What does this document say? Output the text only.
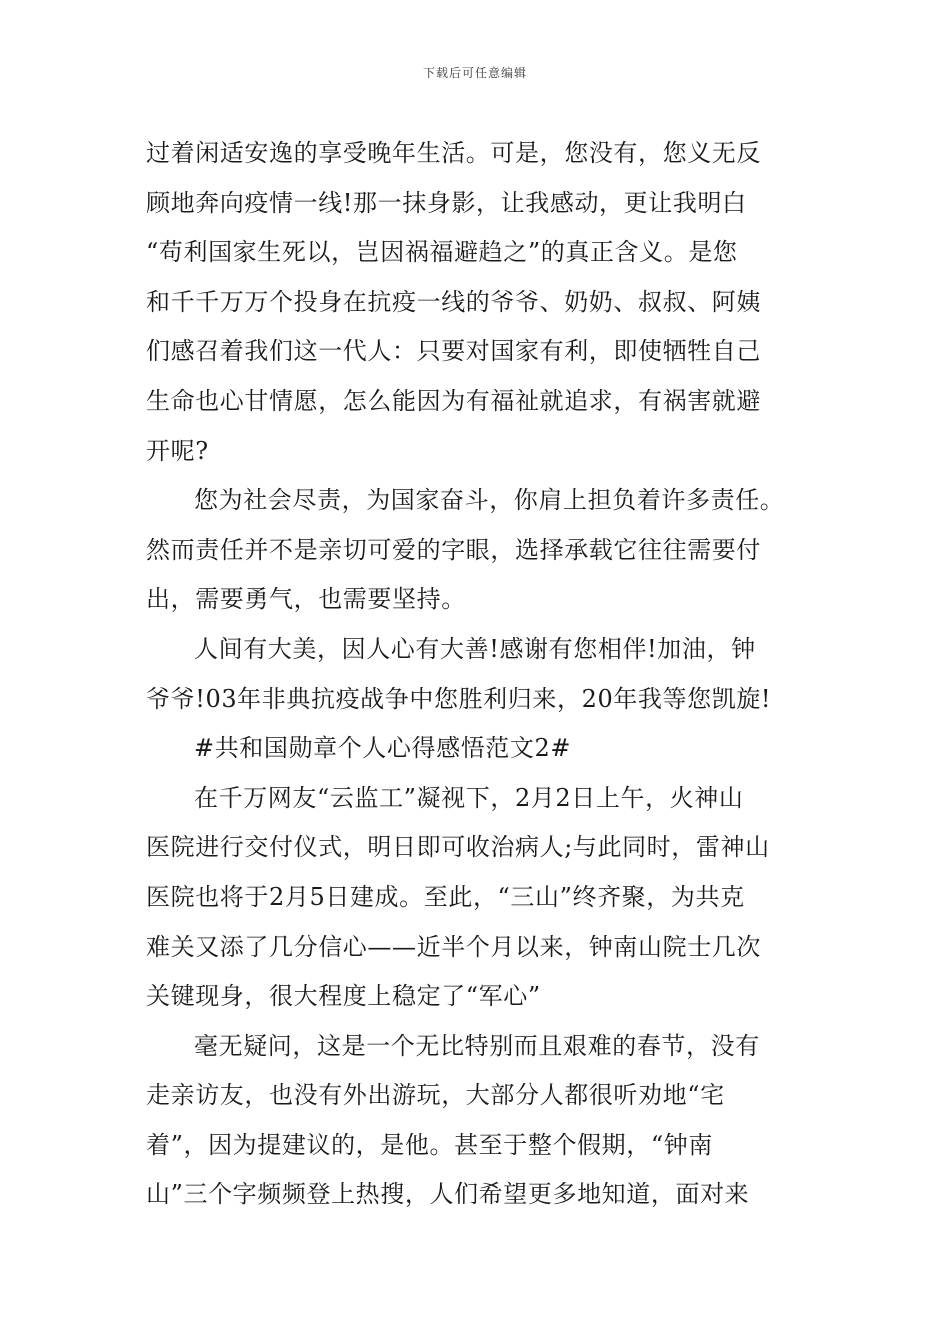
下载后可任意编辑
过着闲适安逸的享受晚年生活。可是，您没有，您义无反
顾地奔向疫情一线!那一抹身影，让我感动，更让我明白
“苟利国家生死以，岂因祸福避趋之”的真正含义。是您
和千千万万个投身在抗疫一线的爷爷、奶奶、叔叔、阿姨
们感召着我们这一代人：只要对国家有利，即使牺牲自己
生命也心甘情愿，怎么能因为有福祉就追求，有祸害就避
开呢?
您为社会尽责，为国家奋斗，你肩上担负着许多责任。
然而责任并不是亲切可爱的字眼，选择承载它往往需要付
出，需要勇气，也需要坚持。
人间有大美，因人心有大善!感谢有您相伴!加油，钟
爷爷!03年非典抗疫战争中您胜利归来，20年我等您凯旋!
#共和国勋章个人心得感悟范文2#
在千万网友“云监工”凝视下，2月2日上午，火神山
医院进行交付仪式，明日即可收治病人;与此同时，雷神山
医院也将于2月5日建成。至此，“三山”终齐聚，为共克
难关又添了几分信心——近半个月以来，钟南山院士几次
关键现身，很大程度上稳定了“军心”
毫无疑问，这是一个无比特别而且艰难的春节，没有
走亲访友，也没有外出游玩，大部分人都很听劝地“宅
着”，因为提建议的，是他。甚至于整个假期，“钟南
山”三个字频频登上热搜，人们希望更多地知道，面对来
